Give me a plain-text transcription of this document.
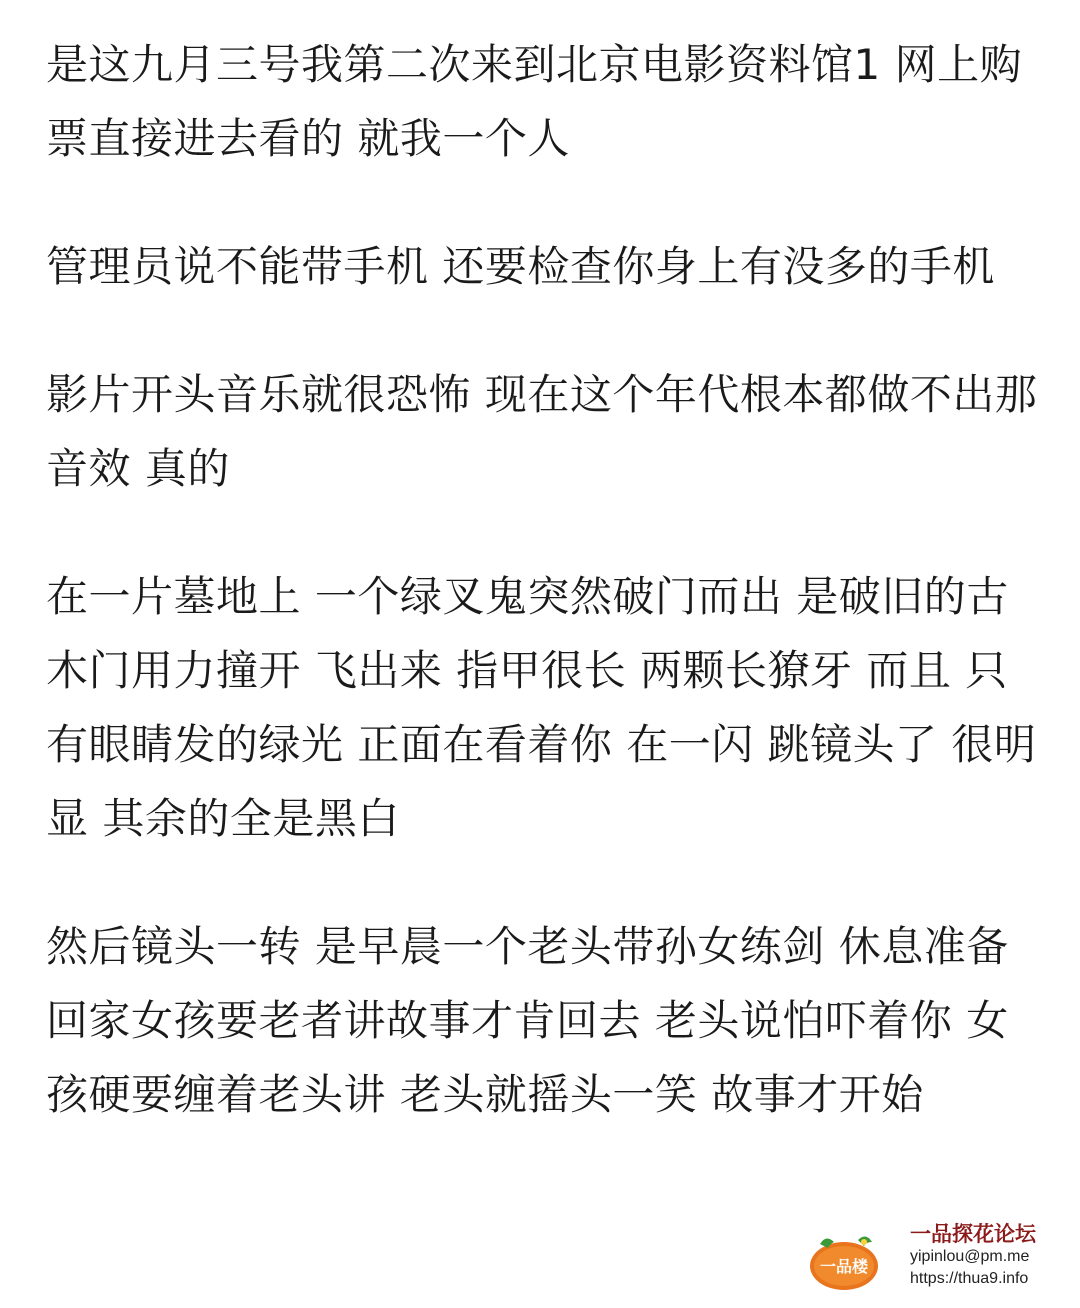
是这九月三号我第二次来到北京电影资料馆1 网上购票直接进去看的 就我一个人

管理员说不能带手机 还要检查你身上有没多的手机

影片开头音乐就很恐怖 现在这个年代根本都做不出那音效 真的

在一片墓地上 一个绿叉鬼突然破门而出 是破旧的古木门用力撞开 飞出来 指甲很长 两颗长獠牙 而且 只有眼睛发的绿光 正面在看着你 在一闪 跳镜头了 很明显 其余的全是黑白

然后镜头一转 是早晨一个老头带孙女练剑 休息准备回家女孩要老者讲故事才肯回去 老头说怕吓着你 女孩硬要缠着老头讲 老头就摇头一笑 故事才开始

一品楼
一品探花论坛
yipinlou@pm.me
https://thua9.info
